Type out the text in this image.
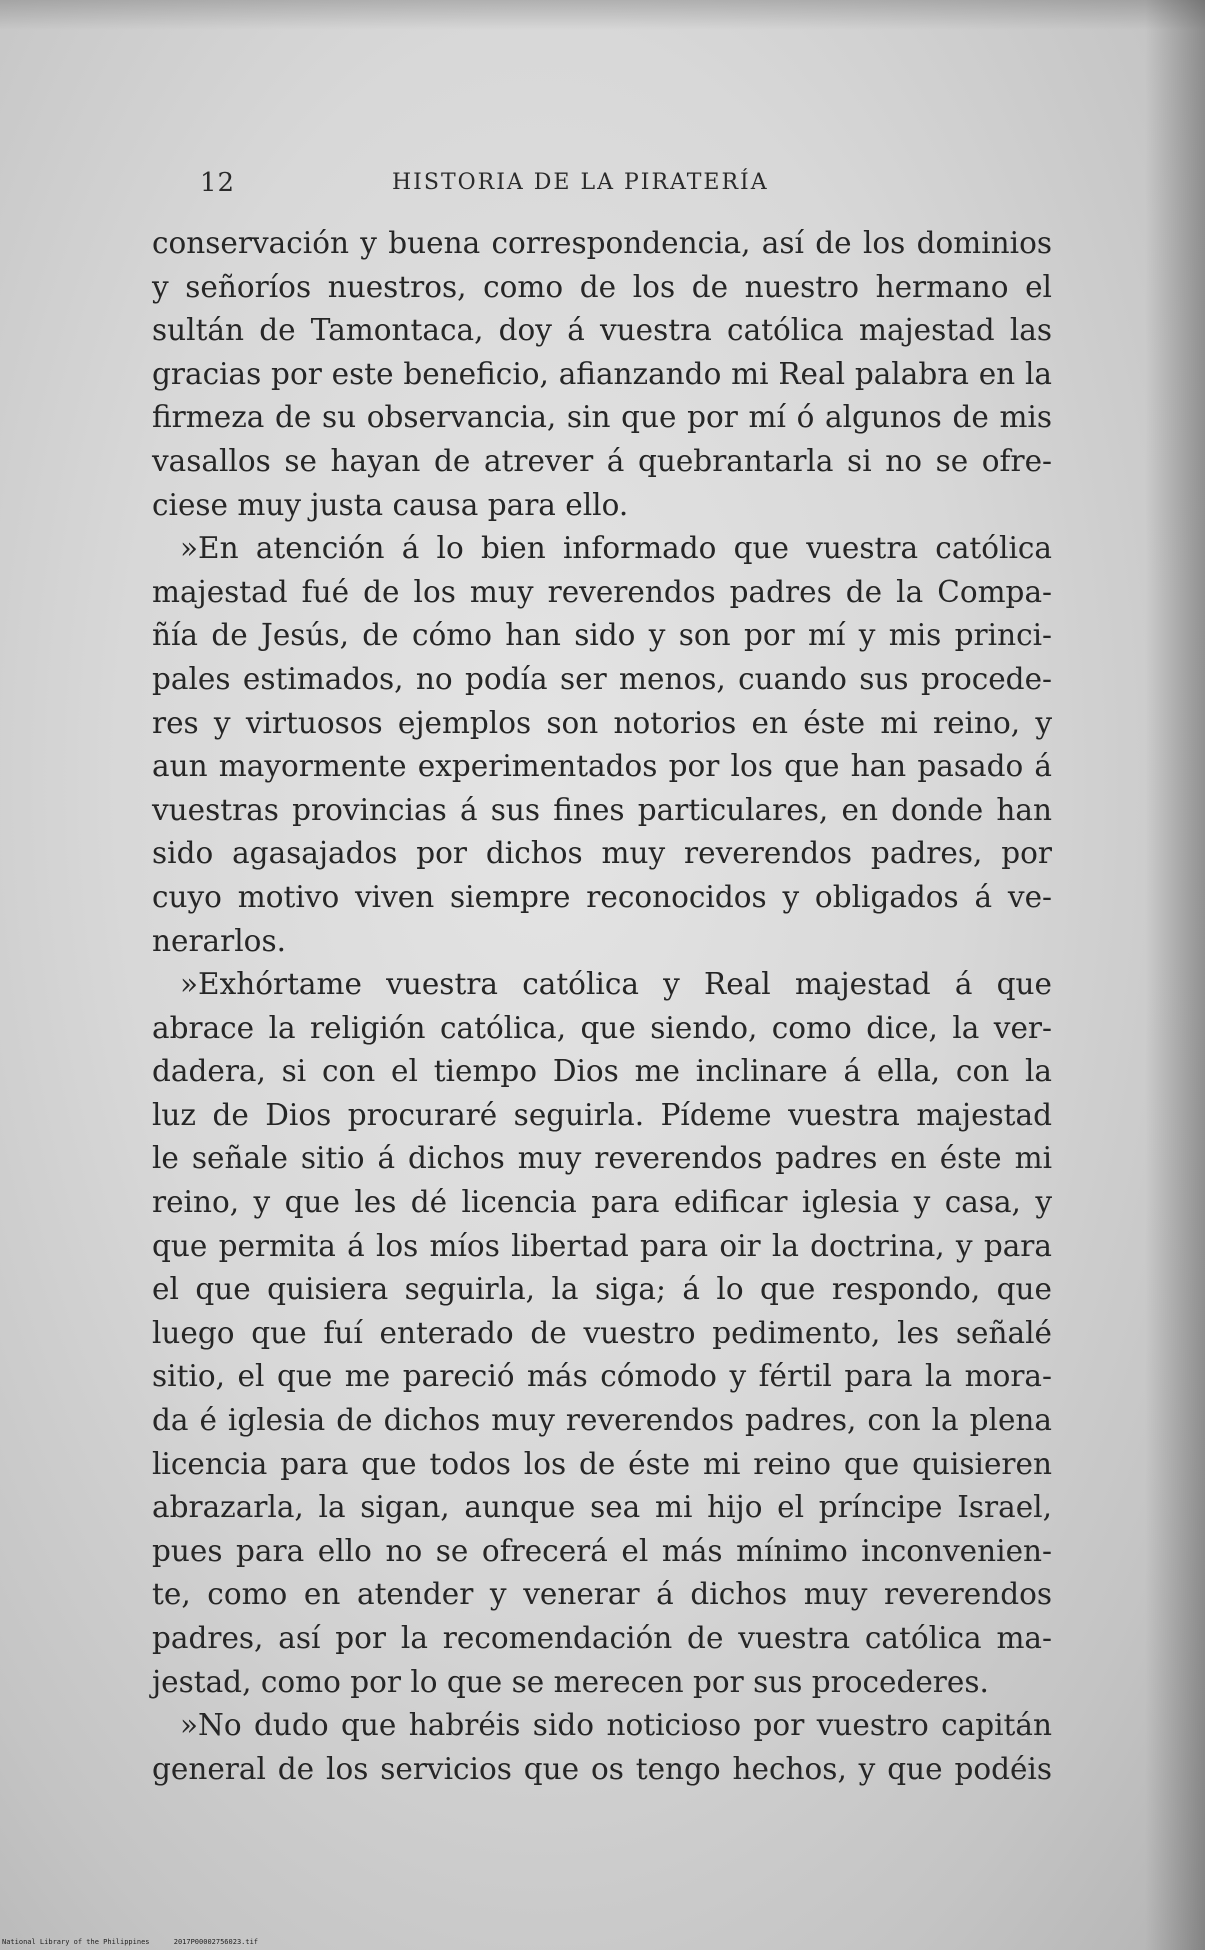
12	HISTORIA DE LA PIRATERÍA
conservación y buena correspondencia, así de los dominios
y señoríos nuestros, como de los de nuestro hermano el
sultán de Tamontaca, doy á vuestra católica majestad las
gracias por este beneficio, afianzando mi Real palabra en la
firmeza de su observancia, sin que por mí ó algunos de mis
vasallos se hayan de atrever á quebrantarla si no se ofre-
ciese muy justa causa para ello.
»En atención á lo bien informado que vuestra católica
majestad fué de los muy reverendos padres de la Compa-
ñía de Jesús, de cómo han sido y son por mí y mis princi-
pales estimados, no podía ser menos, cuando sus procede-
res y virtuosos ejemplos son notorios en éste mi reino, y
aun mayormente experimentados por los que han pasado á
vuestras provincias á sus fines particulares, en donde han
sido agasajados por dichos muy reverendos padres, por
cuyo motivo viven siempre reconocidos y obligados á ve-
nerarlos.
»Exhórtame vuestra católica y Real majestad á que
abrace la religión católica, que siendo, como dice, la ver-
dadera, si con el tiempo Dios me inclinare á ella, con la
luz de Dios procuraré seguirla. Pídeme vuestra majestad
le señale sitio á dichos muy reverendos padres en éste mi
reino, y que les dé licencia para edificar iglesia y casa, y
que permita á los míos libertad para oir la doctrina, y para
el que quisiera seguirla, la siga; á lo que respondo, que
luego que fuí enterado de vuestro pedimento, les señalé
sitio, el que me pareció más cómodo y fértil para la mora-
da é iglesia de dichos muy reverendos padres, con la plena
licencia para que todos los de éste mi reino que quisieren
abrazarla, la sigan, aunque sea mi hijo el príncipe Israel,
pues para ello no se ofrecerá el más mínimo inconvenien-
te, como en atender y venerar á dichos muy reverendos
padres, así por la recomendación de vuestra católica ma-
jestad, como por lo que se merecen por sus procederes.
»No dudo que habréis sido noticioso por vuestro capitán
general de los servicios que os tengo hechos, y que podéis
National Library of the Philippines	2017P00002756023.tif
